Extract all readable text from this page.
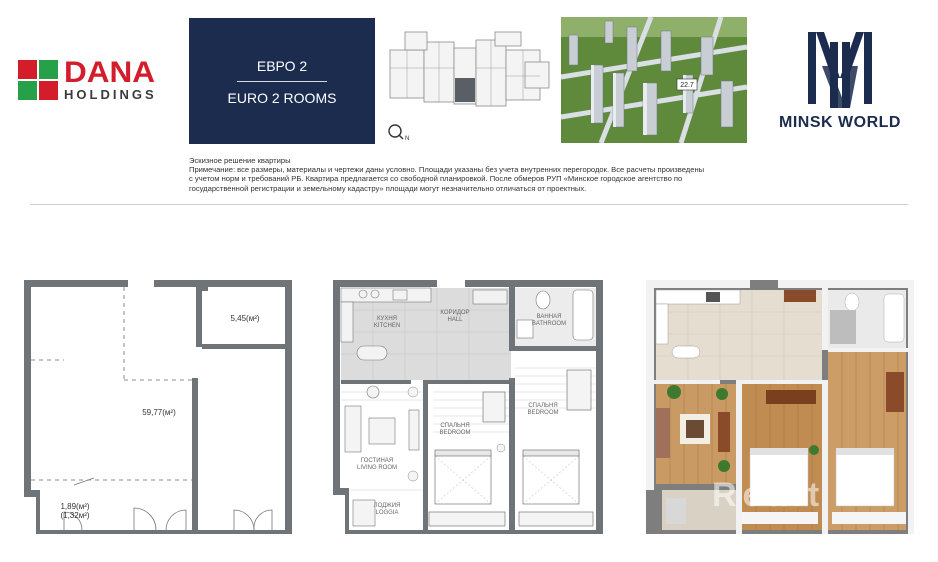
DANA
HOLDINGS
ЕВРО 2
EURO 2 ROOMS
N
22.7
MINSK WORLD
Эскизное решение квартиры
Примечание: все размеры, материалы и чертежи даны условно. Площади указаны без учета внутренних перегородок. Все расчеты произведены
с учетом норм и требований РБ. Квартира предлагается со свободной планировкой. После обмеров РУП «Минское городское агентство по
государственной регистрации и земельному кадастру» площади могут незначительно отличаться от проектных.
5,45(м²)
59,77(м²)
1,89(м²)
(1,32м²)
КУХНЯ
KITCHEN
КОРИДОР
HALL	ВАННАЯ
BATHROOM
СПАЛЬНЯ
BEDROOM
СПАЛЬНЯ
BEDROOM
ГОСТИНАЯ
LIVING ROOM
ЛОДЖИЯ
LOGGIA	Realt
